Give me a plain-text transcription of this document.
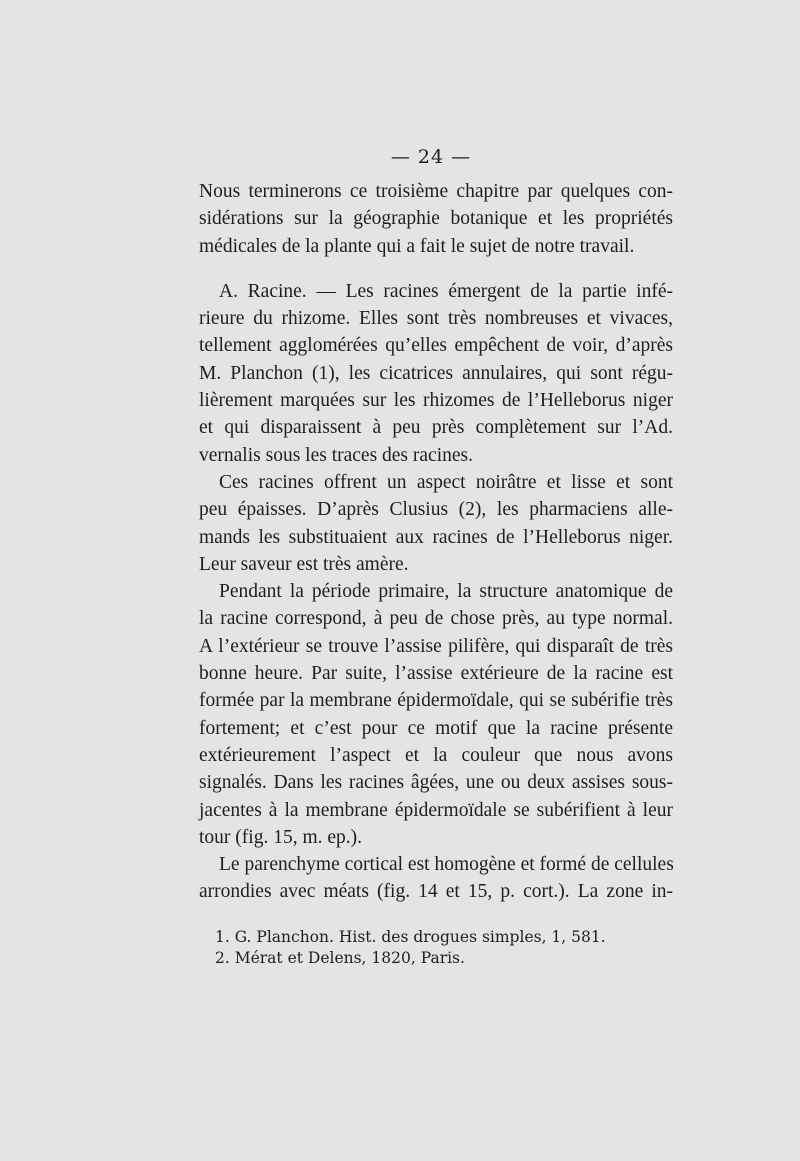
— 24 —
Nous terminerons ce troisième chapitre par quelques con-
sidérations sur la géographie botanique et les propriétés
médicales de la plante qui a fait le sujet de notre travail.
A. Racine. — Les racines émergent de la partie infé-
rieure du rhizome. Elles sont très nombreuses et vivaces,
tellement agglomérées qu’elles empêchent de voir, d’après
M. Planchon (1), les cicatrices annulaires, qui sont régu-
lièrement marquées sur les rhizomes de l’Helleborus niger
et qui disparaissent à peu près complètement sur l’Ad.
vernalis sous les traces des racines.
Ces racines offrent un aspect noirâtre et lisse et sont
peu épaisses. D’après Clusius (2), les pharmaciens alle-
mands les substituaient aux racines de l’Helleborus niger.
Leur saveur est très amère.
Pendant la période primaire, la structure anatomique de
la racine correspond, à peu de chose près, au type normal.
A l’extérieur se trouve l’assise pilifère, qui disparaît de très
bonne heure. Par suite, l’assise extérieure de la racine est
formée par la membrane épidermoïdale, qui se subérifie très
fortement; et c’est pour ce motif que la racine présente
extérieurement l’aspect et la couleur que nous avons
signalés. Dans les racines âgées, une ou deux assises sous-
jacentes à la membrane épidermoïdale se subérifient à leur
tour (fig. 15, m. ep.).
Le parenchyme cortical est homogène et formé de cellules
arrondies avec méats (fig. 14 et 15, p. cort.). La zone in-
1. G. Planchon. Hist. des drogues simples, 1, 581.
2. Mérat et Delens, 1820, Paris.
